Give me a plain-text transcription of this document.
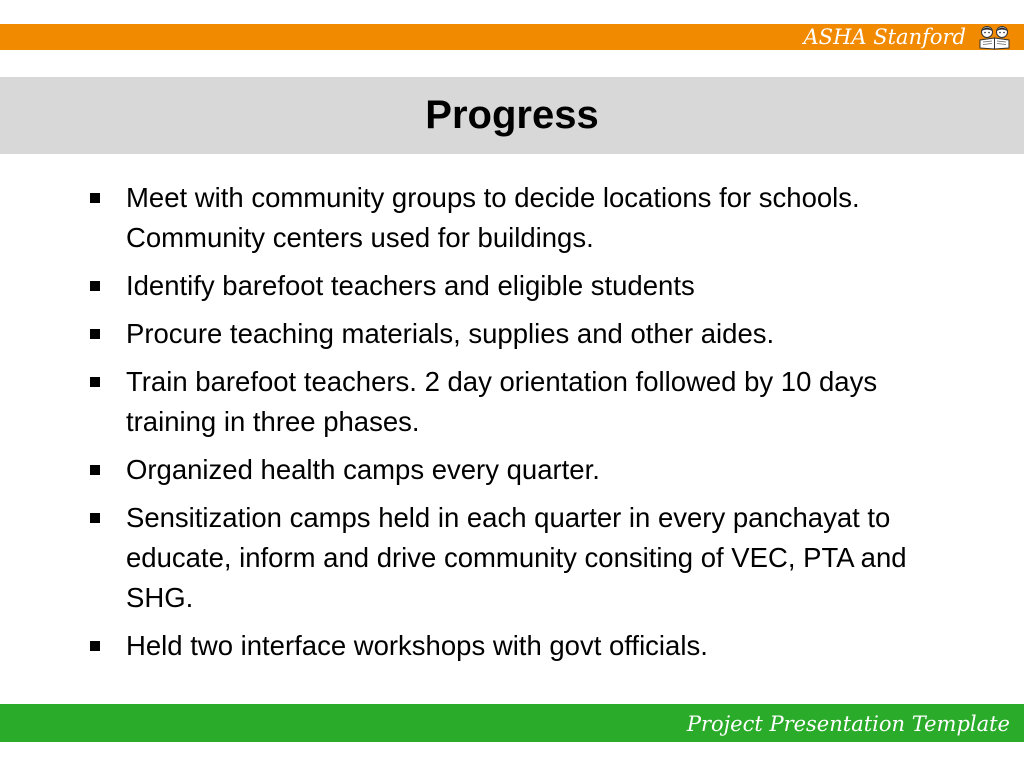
ASHA Stanford
Progress
Meet with community groups to decide locations for schools. Community centers used for buildings.
Identify barefoot teachers and eligible students
Procure teaching materials, supplies and other aides.
Train barefoot teachers. 2 day orientation followed by 10 days training in three phases.
Organized health camps every quarter.
Sensitization camps held in each quarter in every panchayat to educate, inform and drive community consiting of VEC, PTA and SHG.
Held two interface workshops with govt officials.
Project Presentation Template
